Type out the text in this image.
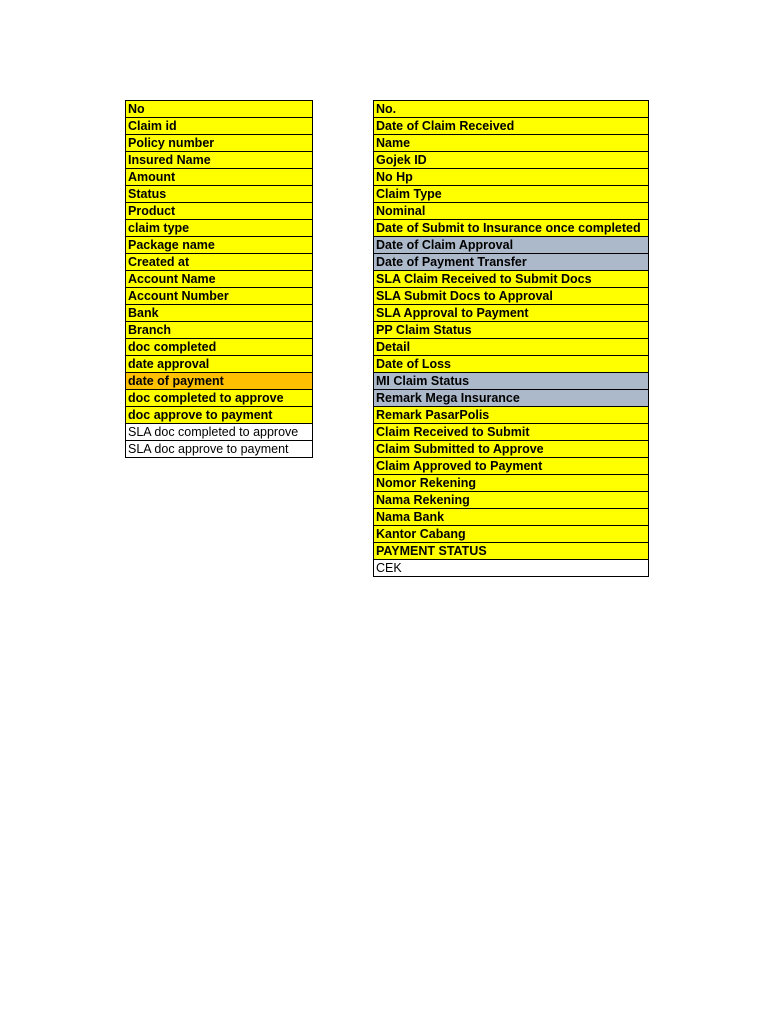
No
Claim id
Policy number
Insured Name
Amount
Status
Product
claim type
Package name
Created at
Account Name
Account Number
Bank
Branch
doc completed
date approval
date of payment
doc completed to approve
doc approve to payment
SLA doc completed to approve
SLA doc approve to payment
No.
Date of Claim Received
Name
Gojek ID
No Hp
Claim Type
Nominal
Date of Submit to Insurance once completed
Date of Claim Approval
Date of Payment Transfer
SLA Claim Received to Submit Docs
SLA Submit Docs to Approval
SLA Approval to Payment
PP Claim Status
Detail
Date of Loss
MI Claim Status
Remark Mega Insurance
Remark PasarPolis
Claim Received to Submit
Claim Submitted to Approve
Claim Approved to Payment
Nomor Rekening
Nama Rekening
Nama Bank
Kantor Cabang
PAYMENT STATUS
CEK
